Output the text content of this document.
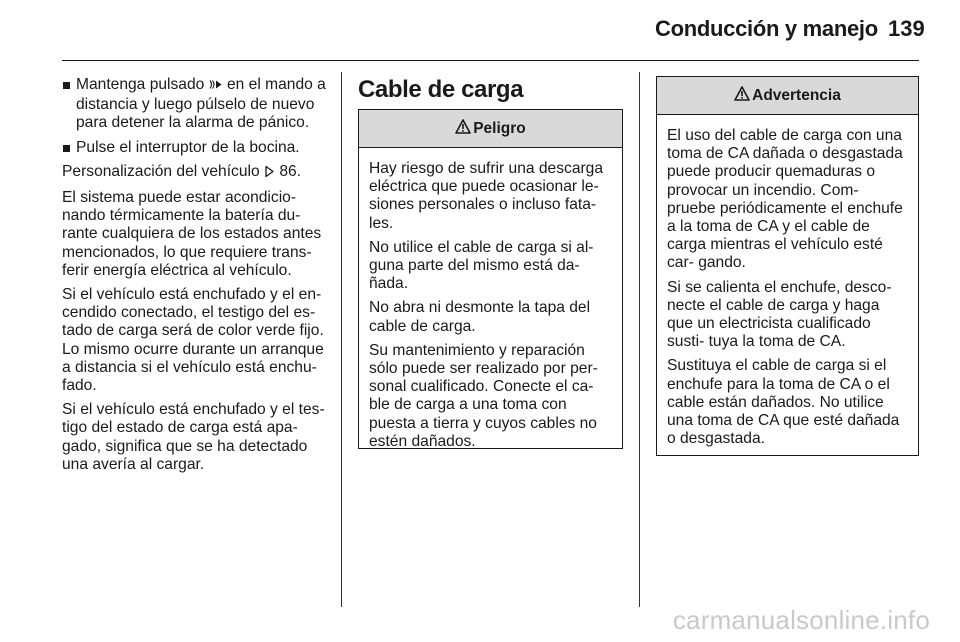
Conducción y manejo 139
Mantenga pulsado  en el mando a distancia y luego púlselo de nuevo para detener la alarma de pánico.
Pulse el interruptor de la bocina.

Personalización del vehículo  86.

El sistema puede estar acondicio- nando térmicamente la batería du- rante cualquiera de los estados antes mencionados, lo que requiere trans- ferir energía eléctrica al vehículo.

Si el vehículo está enchufado y el en- cendido conectado, el testigo del es- tado de carga será de color verde fijo. Lo mismo ocurre durante un arranque a distancia si el vehículo está enchu- fado.

Si el vehículo está enchufado y el tes- tigo del estado de carga está apa- gado, significa que se ha detectado una avería al cargar.

Cable de carga
Peligro

Hay riesgo de sufrir una descarga eléctrica que puede ocasionar le- siones personales o incluso fata- les.

No utilice el cable de carga si al- guna parte del mismo está da- ñada.

No abra ni desmonte la tapa del cable de carga.

Su mantenimiento y reparación sólo puede ser realizado por per- sonal cualificado. Conecte el ca- ble de carga a una toma con puesta a tierra y cuyos cables no estén dañados.

Advertencia

El uso del cable de carga con una toma de CA dañada o desgastada puede producir quemaduras o provocar un incendio. Com- pruebe periódicamente el enchufe a la toma de CA y el cable de carga mientras el vehículo esté car- gando.

Si se calienta el enchufe, desco- necte el cable de carga y haga que un electricista cualificado susti- tuya la toma de CA.

Sustituya el cable de carga si el enchufe para la toma de CA o el cable están dañados. No utilice una toma de CA que esté dañada o desgastada.

carmanualsonline.info
